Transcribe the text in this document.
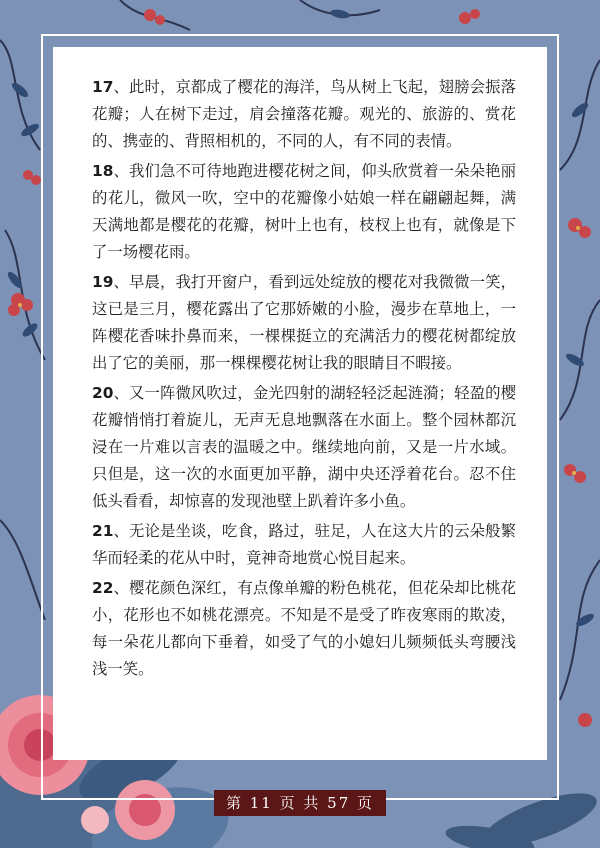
17、此时，京都成了樱花的海洋，鸟从树上飞起，翅膀会振落花瓣；人在树下走过，肩会撞落花瓣。观光的、旅游的、赏花的、携壶的、背照相机的，不同的人，有不同的表情。

18、我们急不可待地跑进樱花树之间，仰头欣赏着一朵朵艳丽的花儿，微风一吹，空中的花瓣像小姑娘一样在翩翩起舞，满天满地都是樱花的花瓣，树叶上也有，枝杈上也有，就像是下了一场樱花雨。

19、早晨，我打开窗户，看到远处绽放的樱花对我微微一笑，这已是三月，樱花露出了它那娇嫩的小脸，漫步在草地上，一阵樱花香味扑鼻而来，一棵棵挺立的充满活力的樱花树都绽放出了它的美丽，那一棵棵樱花树让我的眼睛目不暇接。

20、又一阵微风吹过，金光四射的湖轻轻泛起涟漪；轻盈的樱花瓣悄悄打着旋儿，无声无息地飘落在水面上。整个园林都沉浸在一片难以言表的温暖之中。继续地向前，又是一片水域。只但是，这一次的水面更加平静，湖中央还浮着花台。忍不住低头看看，却惊喜的发现池壁上趴着许多小鱼。

21、无论是坐谈，吃食，路过，驻足，人在这大片的云朵般繁华而轻柔的花从中时，竟神奇地赏心悦目起来。

22、樱花颜色深红，有点像单瓣的粉色桃花，但花朵却比桃花小，花形也不如桃花漂亮。不知是不是受了昨夜寒雨的欺凌，每一朵花儿都向下垂着，如受了气的小媳妇儿频频低头弯腰浅浅一笑。

第 11 页 共 57 页
